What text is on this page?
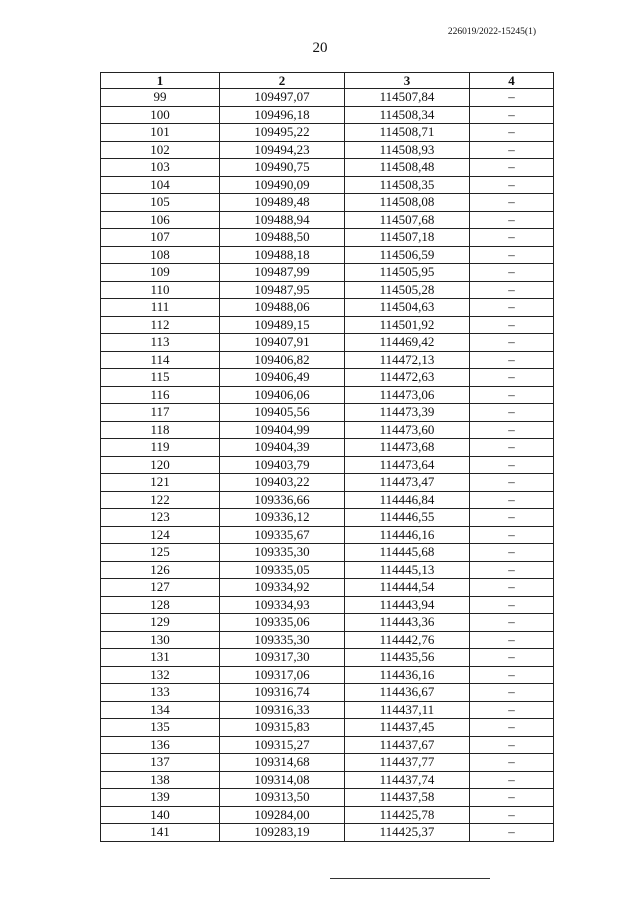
226019/2022-15245(1)
20
1	2	3	4
99	109497,07	114507,84	–
100	109496,18	114508,34	–
101	109495,22	114508,71	–
102	109494,23	114508,93	–
103	109490,75	114508,48	–
104	109490,09	114508,35	–
105	109489,48	114508,08	–
106	109488,94	114507,68	–
107	109488,50	114507,18	–
108	109488,18	114506,59	–
109	109487,99	114505,95	–
110	109487,95	114505,28	–
111	109488,06	114504,63	–
112	109489,15	114501,92	–
113	109407,91	114469,42	–
114	109406,82	114472,13	–
115	109406,49	114472,63	–
116	109406,06	114473,06	–
117	109405,56	114473,39	–
118	109404,99	114473,60	–
119	109404,39	114473,68	–
120	109403,79	114473,64	–
121	109403,22	114473,47	–
122	109336,66	114446,84	–
123	109336,12	114446,55	–
124	109335,67	114446,16	–
125	109335,30	114445,68	–
126	109335,05	114445,13	–
127	109334,92	114444,54	–
128	109334,93	114443,94	–
129	109335,06	114443,36	–
130	109335,30	114442,76	–
131	109317,30	114435,56	–
132	109317,06	114436,16	–
133	109316,74	114436,67	–
134	109316,33	114437,11	–
135	109315,83	114437,45	–
136	109315,27	114437,67	–
137	109314,68	114437,77	–
138	109314,08	114437,74	–
139	109313,50	114437,58	–
140	109284,00	114425,78	–
141	109283,19	114425,37	–
